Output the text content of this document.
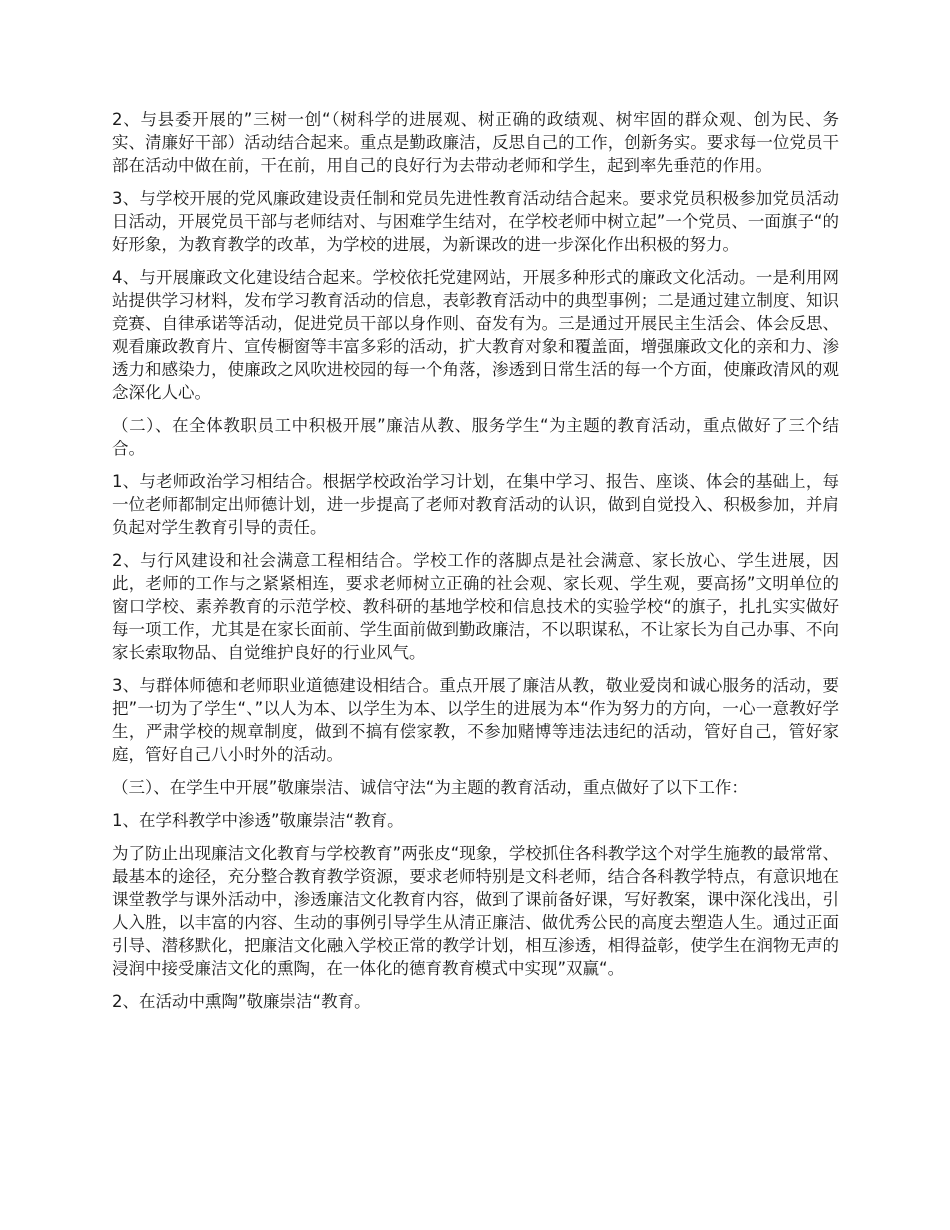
2、与县委开展的”三树一创“（树科学的进展观、树正确的政绩观、树牢固的群众观、创为民、务实、清廉好干部）活动结合起来。重点是勤政廉洁，反思自己的工作，创新务实。要求每一位党员干部在活动中做在前，干在前，用自己的良好行为去带动老师和学生，起到率先垂范的作用。

3、与学校开展的党风廉政建设责任制和党员先进性教育活动结合起来。要求党员积极参加党员活动日活动，开展党员干部与老师结对、与困难学生结对，在学校老师中树立起”一个党员、一面旗子“的好形象，为教育教学的改革，为学校的进展，为新课改的进一步深化作出积极的努力。

4、与开展廉政文化建设结合起来。学校依托党建网站，开展多种形式的廉政文化活动。一是利用网站提供学习材料，发布学习教育活动的信息，表彰教育活动中的典型事例；二是通过建立制度、知识竞赛、自律承诺等活动，促进党员干部以身作则、奋发有为。三是通过开展民主生活会、体会反思、观看廉政教育片、宣传橱窗等丰富多彩的活动，扩大教育对象和覆盖面，增强廉政文化的亲和力、渗透力和感染力，使廉政之风吹进校园的每一个角落，渗透到日常生活的每一个方面，使廉政清风的观念深化人心。

（二）、在全体教职员工中积极开展”廉洁从教、服务学生“为主题的教育活动，重点做好了三个结合。

1、与老师政治学习相结合。根据学校政治学习计划，在集中学习、报告、座谈、体会的基础上，每一位老师都制定出师德计划，进一步提高了老师对教育活动的认识，做到自觉投入、积极参加，并肩负起对学生教育引导的责任。

2、与行风建设和社会满意工程相结合。学校工作的落脚点是社会满意、家长放心、学生进展，因此，老师的工作与之紧紧相连，要求老师树立正确的社会观、家长观、学生观，要高扬”文明单位的窗口学校、素养教育的示范学校、教科研的基地学校和信息技术的实验学校“的旗子，扎扎实实做好每一项工作，尤其是在家长面前、学生面前做到勤政廉洁，不以职谋私，不让家长为自己办事、不向家长索取物品、自觉维护良好的行业风气。

3、与群体师德和老师职业道德建设相结合。重点开展了廉洁从教，敬业爱岗和诚心服务的活动，要把”一切为了学生“、”以人为本、以学生为本、以学生的进展为本“作为努力的方向，一心一意教好学生，严肃学校的规章制度，做到不搞有偿家教，不参加赌博等违法违纪的活动，管好自己，管好家庭，管好自己八小时外的活动。

（三）、在学生中开展”敬廉崇洁、诚信守法“为主题的教育活动，重点做好了以下工作：

1、在学科教学中渗透”敬廉崇洁“教育。

为了防止出现廉洁文化教育与学校教育”两张皮“现象，学校抓住各科教学这个对学生施教的最常常、最基本的途径，充分整合教育教学资源，要求老师特别是文科老师，结合各科教学特点，有意识地在课堂教学与课外活动中，渗透廉洁文化教育内容，做到了课前备好课，写好教案，课中深化浅出，引人入胜，以丰富的内容、生动的事例引导学生从清正廉洁、做优秀公民的高度去塑造人生。通过正面引导、潜移默化，把廉洁文化融入学校正常的教学计划，相互渗透，相得益彰，使学生在润物无声的浸润中接受廉洁文化的熏陶，在一体化的德育教育模式中实现”双赢“。

2、在活动中熏陶”敬廉崇洁“教育。
